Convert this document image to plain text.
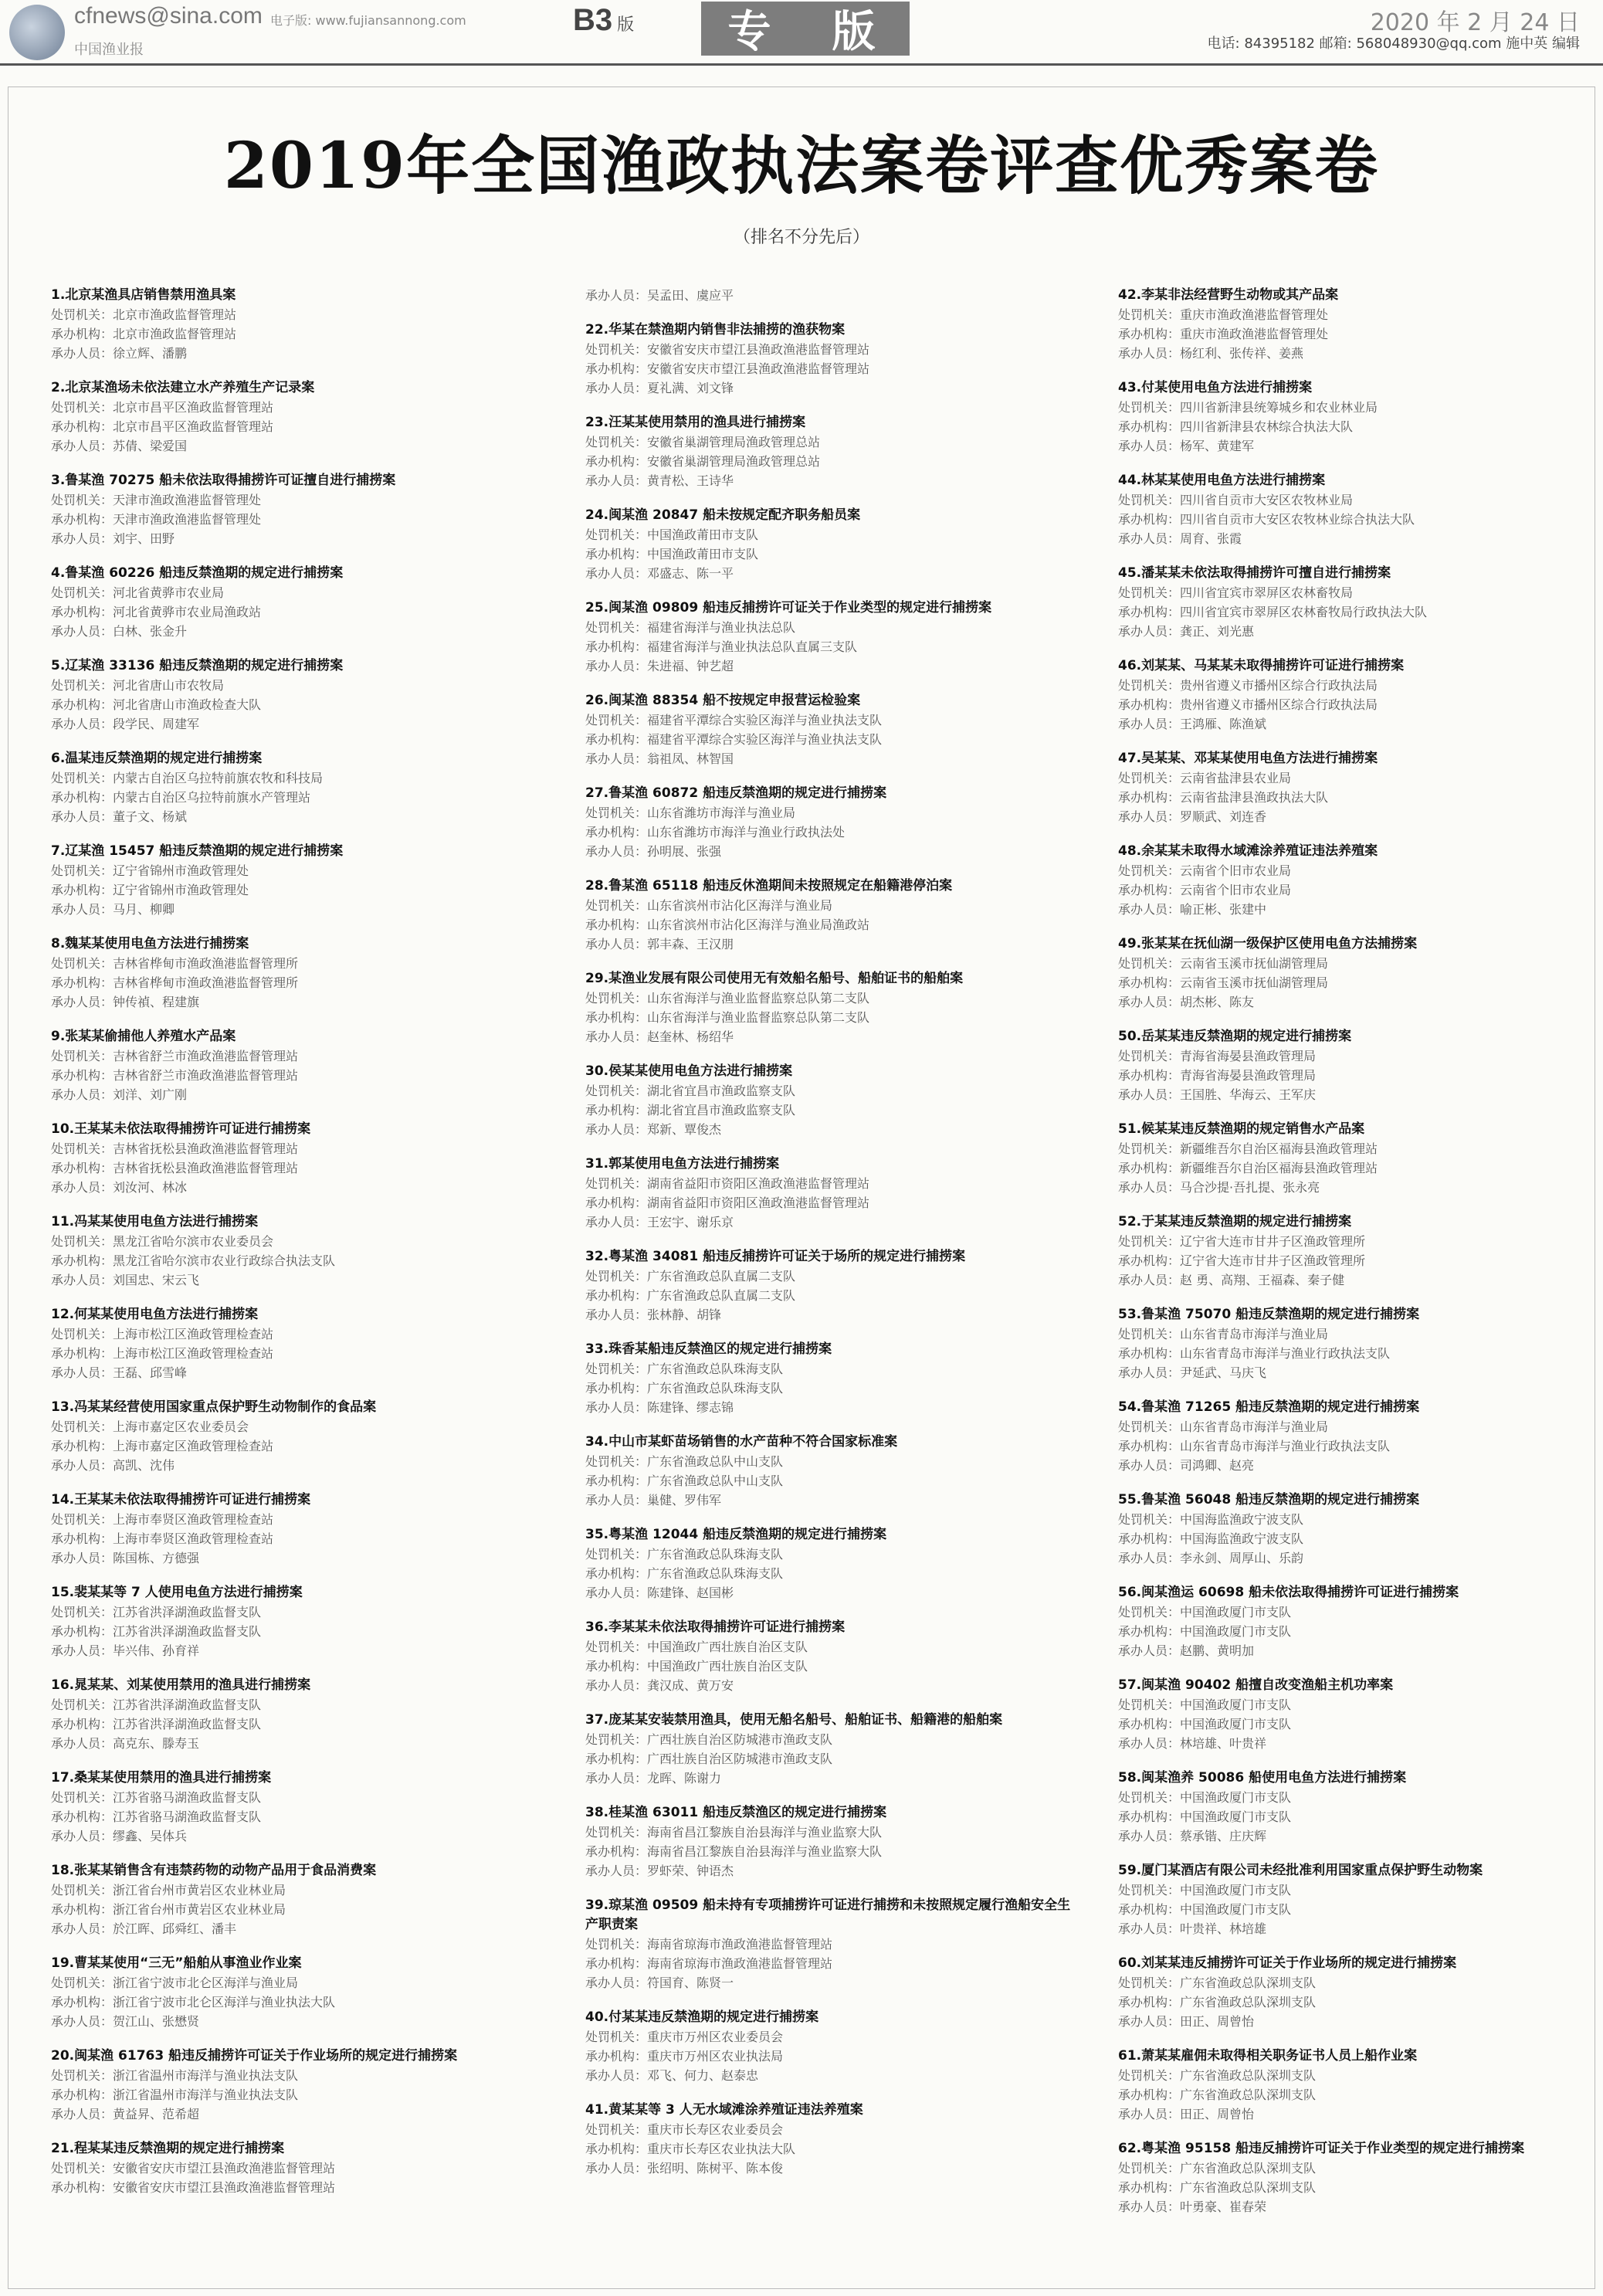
cfnews@sina.com 电子版: www.fujiansannong.com
中国渔业报
B3 版 专 版	2020 年 2 月 24 日
电话: 84395182 邮箱: 568048930@qq.com 施中英 编辑
2019年全国渔政执法案卷评查优秀案卷
（排名不分先后）
1.北京某渔具店销售禁用渔具案
处罚机关：北京市渔政监督管理站
承办机构：北京市渔政监督管理站
承办人员：徐立辉、潘鹏
2.北京某渔场未依法建立水产养殖生产记录案
处罚机关：北京市昌平区渔政监督管理站
承办机构：北京市昌平区渔政监督管理站
承办人员：苏倩、梁爱国
3.鲁某渔 70275 船未依法取得捕捞许可证擅自进行捕捞案
处罚机关：天津市渔政渔港监督管理处
承办机构：天津市渔政渔港监督管理处
承办人员：刘宇、田野
4.鲁某渔 60226 船违反禁渔期的规定进行捕捞案
处罚机关：河北省黄骅市农业局
承办机构：河北省黄骅市农业局渔政站
承办人员：白林、张金升
5.辽某渔 33136 船违反禁渔期的规定进行捕捞案
处罚机关：河北省唐山市农牧局
承办机构：河北省唐山市渔政检查大队
承办人员：段学民、周建军
6.温某违反禁渔期的规定进行捕捞案
处罚机关：内蒙古自治区乌拉特前旗农牧和科技局
承办机构：内蒙古自治区乌拉特前旗水产管理站
承办人员：董子文、杨斌
7.辽某渔 15457 船违反禁渔期的规定进行捕捞案
处罚机关：辽宁省锦州市渔政管理处
承办机构：辽宁省锦州市渔政管理处
承办人员：马月、柳卿
8.魏某某使用电鱼方法进行捕捞案
处罚机关：吉林省桦甸市渔政渔港监督管理所
承办机构：吉林省桦甸市渔政渔港监督管理所
承办人员：钟传禎、程建旗
9.张某某偷捕他人养殖水产品案
处罚机关：吉林省舒兰市渔政渔港监督管理站
承办机构：吉林省舒兰市渔政渔港监督管理站
承办人员：刘洋、刘广刚
10.王某某未依法取得捕捞许可证进行捕捞案
处罚机关：吉林省抚松县渔政渔港监督管理站
承办机构：吉林省抚松县渔政渔港监督管理站
承办人员：刘汝河、林冰
11.冯某某使用电鱼方法进行捕捞案
处罚机关：黑龙江省哈尔滨市农业委员会
承办机构：黑龙江省哈尔滨市农业行政综合执法支队
承办人员：刘国忠、宋云飞
12.何某某使用电鱼方法进行捕捞案
处罚机关：上海市松江区渔政管理检查站
承办机构：上海市松江区渔政管理检查站
承办人员：王磊、邱雪峰
13.冯某某经营使用国家重点保护野生动物制作的食品案
处罚机关：上海市嘉定区农业委员会
承办机构：上海市嘉定区渔政管理检查站
承办人员：高凯、沈伟
14.王某某未依法取得捕捞许可证进行捕捞案
处罚机关：上海市奉贤区渔政管理检查站
承办机构：上海市奉贤区渔政管理检查站
承办人员：陈国栋、方德强
15.裴某某等 7 人使用电鱼方法进行捕捞案
处罚机关：江苏省洪泽湖渔政监督支队
承办机构：江苏省洪泽湖渔政监督支队
承办人员：毕兴伟、孙育祥
16.晁某某、刘某使用禁用的渔具进行捕捞案
处罚机关：江苏省洪泽湖渔政监督支队
承办机构：江苏省洪泽湖渔政监督支队
承办人员：高克东、滕寿玉
17.桑某某使用禁用的渔具进行捕捞案
处罚机关：江苏省骆马湖渔政监督支队
承办机构：江苏省骆马湖渔政监督支队
承办人员：缪鑫、吴体兵
18.张某某销售含有违禁药物的动物产品用于食品消费案
处罚机关：浙江省台州市黄岩区农业林业局
承办机构：浙江省台州市黄岩区农业林业局
承办人员：於江晖、邱舜红、潘丰
19.曹某某使用“三无”船舶从事渔业作业案
处罚机关：浙江省宁波市北仑区海洋与渔业局
承办机构：浙江省宁波市北仑区海洋与渔业执法大队
承办人员：贺江山、张懋贤
20.闽某渔 61763 船违反捕捞许可证关于作业场所的规定进行捕捞案
处罚机关：浙江省温州市海洋与渔业执法支队
承办机构：浙江省温州市海洋与渔业执法支队
承办人员：黄益昇、范希超
21.程某某违反禁渔期的规定进行捕捞案
处罚机关：安徽省安庆市望江县渔政渔港监督管理站
承办机构：安徽省安庆市望江县渔政渔港监督管理站
承办人员：吴孟田、虞应平
22.华某在禁渔期内销售非法捕捞的渔获物案
处罚机关：安徽省安庆市望江县渔政渔港监督管理站
承办机构：安徽省安庆市望江县渔政渔港监督管理站
承办人员：夏礼满、刘文锋
23.汪某某使用禁用的渔具进行捕捞案
处罚机关：安徽省巢湖管理局渔政管理总站
承办机构：安徽省巢湖管理局渔政管理总站
承办人员：黄青松、王诗华
24.闽某渔 20847 船未按规定配齐职务船员案
处罚机关：中国渔政莆田市支队
承办机构：中国渔政莆田市支队
承办人员：邓盛志、陈一平
25.闽某渔 09809 船违反捕捞许可证关于作业类型的规定进行捕捞案
处罚机关：福建省海洋与渔业执法总队
承办机构：福建省海洋与渔业执法总队直属三支队
承办人员：朱进福、钟艺超
26.闽某渔 88354 船不按规定申报营运检验案
处罚机关：福建省平潭综合实验区海洋与渔业执法支队
承办机构：福建省平潭综合实验区海洋与渔业执法支队
承办人员：翁祖凤、林智国
27.鲁某渔 60872 船违反禁渔期的规定进行捕捞案
处罚机关：山东省潍坊市海洋与渔业局
承办机构：山东省潍坊市海洋与渔业行政执法处
承办人员：孙明展、张强
28.鲁某渔 65118 船违反休渔期间未按照规定在船籍港停泊案
处罚机关：山东省滨州市沾化区海洋与渔业局
承办机构：山东省滨州市沾化区海洋与渔业局渔政站
承办人员：郭丰森、王汉朋
29.某渔业发展有限公司使用无有效船名船号、船舶证书的船舶案
处罚机关：山东省海洋与渔业监督监察总队第二支队
承办机构：山东省海洋与渔业监督监察总队第二支队
承办人员：赵奎林、杨绍华
30.侯某某使用电鱼方法进行捕捞案
处罚机关：湖北省宜昌市渔政监察支队
承办机构：湖北省宜昌市渔政监察支队
承办人员：郑新、覃俊杰
31.郭某使用电鱼方法进行捕捞案
处罚机关：湖南省益阳市资阳区渔政渔港监督管理站
承办机构：湖南省益阳市资阳区渔政渔港监督管理站
承办人员：王宏宇、谢乐京
32.粤某渔 34081 船违反捕捞许可证关于场所的规定进行捕捞案
处罚机关：广东省渔政总队直属二支队
承办机构：广东省渔政总队直属二支队
承办人员：张林静、胡锋
33.珠香某船违反禁渔区的规定进行捕捞案
处罚机关：广东省渔政总队珠海支队
承办机构：广东省渔政总队珠海支队
承办人员：陈建锋、缪志锦
34.中山市某虾苗场销售的水产苗种不符合国家标准案
处罚机关：广东省渔政总队中山支队
承办机构：广东省渔政总队中山支队
承办人员：巢健、罗伟军
35.粤某渔 12044 船违反禁渔期的规定进行捕捞案
处罚机关：广东省渔政总队珠海支队
承办机构：广东省渔政总队珠海支队
承办人员：陈建锋、赵国彬
36.李某某未依法取得捕捞许可证进行捕捞案
处罚机关：中国渔政广西壮族自治区支队
承办机构：中国渔政广西壮族自治区支队
承办人员：龚汉成、黄万安
37.庞某某安装禁用渔具，使用无船名船号、船舶证书、船籍港的船舶案
处罚机关：广西壮族自治区防城港市渔政支队
承办机构：广西壮族自治区防城港市渔政支队
承办人员：龙晖、陈谢力
38.桂某渔 63011 船违反禁渔区的规定进行捕捞案
处罚机关：海南省昌江黎族自治县海洋与渔业监察大队
承办机构：海南省昌江黎族自治县海洋与渔业监察大队
承办人员：罗虾荣、钟语杰
39.琼某渔 09509 船未持有专项捕捞许可证进行捕捞和未按照规定履行渔船安全生产职责案
处罚机关：海南省琼海市渔政渔港监督管理站
承办机构：海南省琼海市渔政渔港监督管理站
承办人员：符国育、陈贤一
40.付某某违反禁渔期的规定进行捕捞案
处罚机关：重庆市万州区农业委员会
承办机构：重庆市万州区农业执法局
承办人员：邓飞、何力、赵泰忠
41.黄某某等 3 人无水域滩涂养殖证违法养殖案
处罚机关：重庆市长寿区农业委员会
承办机构：重庆市长寿区农业执法大队
承办人员：张绍明、陈树平、陈本俊
42.李某非法经营野生动物或其产品案
处罚机关：重庆市渔政渔港监督管理处
承办机构：重庆市渔政渔港监督管理处
承办人员：杨红利、张传祥、姜燕
43.付某使用电鱼方法进行捕捞案
处罚机关：四川省新津县统筹城乡和农业林业局
承办机构：四川省新津县农林综合执法大队
承办人员：杨军、黄建军
44.林某某使用电鱼方法进行捕捞案
处罚机关：四川省自贡市大安区农牧林业局
承办机构：四川省自贡市大安区农牧林业综合执法大队
承办人员：周育、张霞
45.潘某某未依法取得捕捞许可擅自进行捕捞案
处罚机关：四川省宜宾市翠屏区农林畜牧局
承办机构：四川省宜宾市翠屏区农林畜牧局行政执法大队
承办人员：龚正、刘光惠
46.刘某某、马某某未取得捕捞许可证进行捕捞案
处罚机关：贵州省遵义市播州区综合行政执法局
承办机构：贵州省遵义市播州区综合行政执法局
承办人员：王鸿雁、陈渔斌
47.吴某某、邓某某使用电鱼方法进行捕捞案
处罚机关：云南省盐津县农业局
承办机构：云南省盐津县渔政执法大队
承办人员：罗顺武、刘连香
48.余某某未取得水域滩涂养殖证违法养殖案
处罚机关：云南省个旧市农业局
承办机构：云南省个旧市农业局
承办人员：喻正彬、张建中
49.张某某在抚仙湖一级保护区使用电鱼方法捕捞案
处罚机关：云南省玉溪市抚仙湖管理局
承办机构：云南省玉溪市抚仙湖管理局
承办人员：胡杰彬、陈友
50.岳某某违反禁渔期的规定进行捕捞案
处罚机关：青海省海晏县渔政管理局
承办机构：青海省海晏县渔政管理局
承办人员：王国胜、华海云、王军庆
51.候某某违反禁渔期的规定销售水产品案
处罚机关：新疆维吾尔自治区福海县渔政管理站
承办机构：新疆维吾尔自治区福海县渔政管理站
承办人员：马合沙提·吾扎提、张永亮
52.于某某违反禁渔期的规定进行捕捞案
处罚机关：辽宁省大连市甘井子区渔政管理所
承办机构：辽宁省大连市甘井子区渔政管理所
承办人员：赵 勇、高翔、王福森、秦子健
53.鲁某渔 75070 船违反禁渔期的规定进行捕捞案
处罚机关：山东省青岛市海洋与渔业局
承办机构：山东省青岛市海洋与渔业行政执法支队
承办人员：尹延武、马庆飞
54.鲁某渔 71265 船违反禁渔期的规定进行捕捞案
处罚机关：山东省青岛市海洋与渔业局
承办机构：山东省青岛市海洋与渔业行政执法支队
承办人员：司鸿卿、赵亮
55.鲁某渔 56048 船违反禁渔期的规定进行捕捞案
处罚机关：中国海监渔政宁波支队
承办机构：中国海监渔政宁波支队
承办人员：李永剑、周厚山、乐韵
56.闽某渔运 60698 船未依法取得捕捞许可证进行捕捞案
处罚机关：中国渔政厦门市支队
承办机构：中国渔政厦门市支队
承办人员：赵鹏、黄明加
57.闽某渔 90402 船擅自改变渔船主机功率案
处罚机关：中国渔政厦门市支队
承办机构：中国渔政厦门市支队
承办人员：林培雄、叶贵祥
58.闽某渔养 50086 船使用电鱼方法进行捕捞案
处罚机关：中国渔政厦门市支队
承办机构：中国渔政厦门市支队
承办人员：蔡承锴、庄庆辉
59.厦门某酒店有限公司未经批准利用国家重点保护野生动物案
处罚机关：中国渔政厦门市支队
承办机构：中国渔政厦门市支队
承办人员：叶贵祥、林培雄
60.刘某某违反捕捞许可证关于作业场所的规定进行捕捞案
处罚机关：广东省渔政总队深圳支队
承办机构：广东省渔政总队深圳支队
承办人员：田正、周曾怡
61.萧某某雇佣未取得相关职务证书人员上船作业案
处罚机关：广东省渔政总队深圳支队
承办机构：广东省渔政总队深圳支队
承办人员：田正、周曾怡
62.粤某渔 95158 船违反捕捞许可证关于作业类型的规定进行捕捞案
处罚机关：广东省渔政总队深圳支队
承办机构：广东省渔政总队深圳支队
承办人员：叶勇豪、崔春荣
